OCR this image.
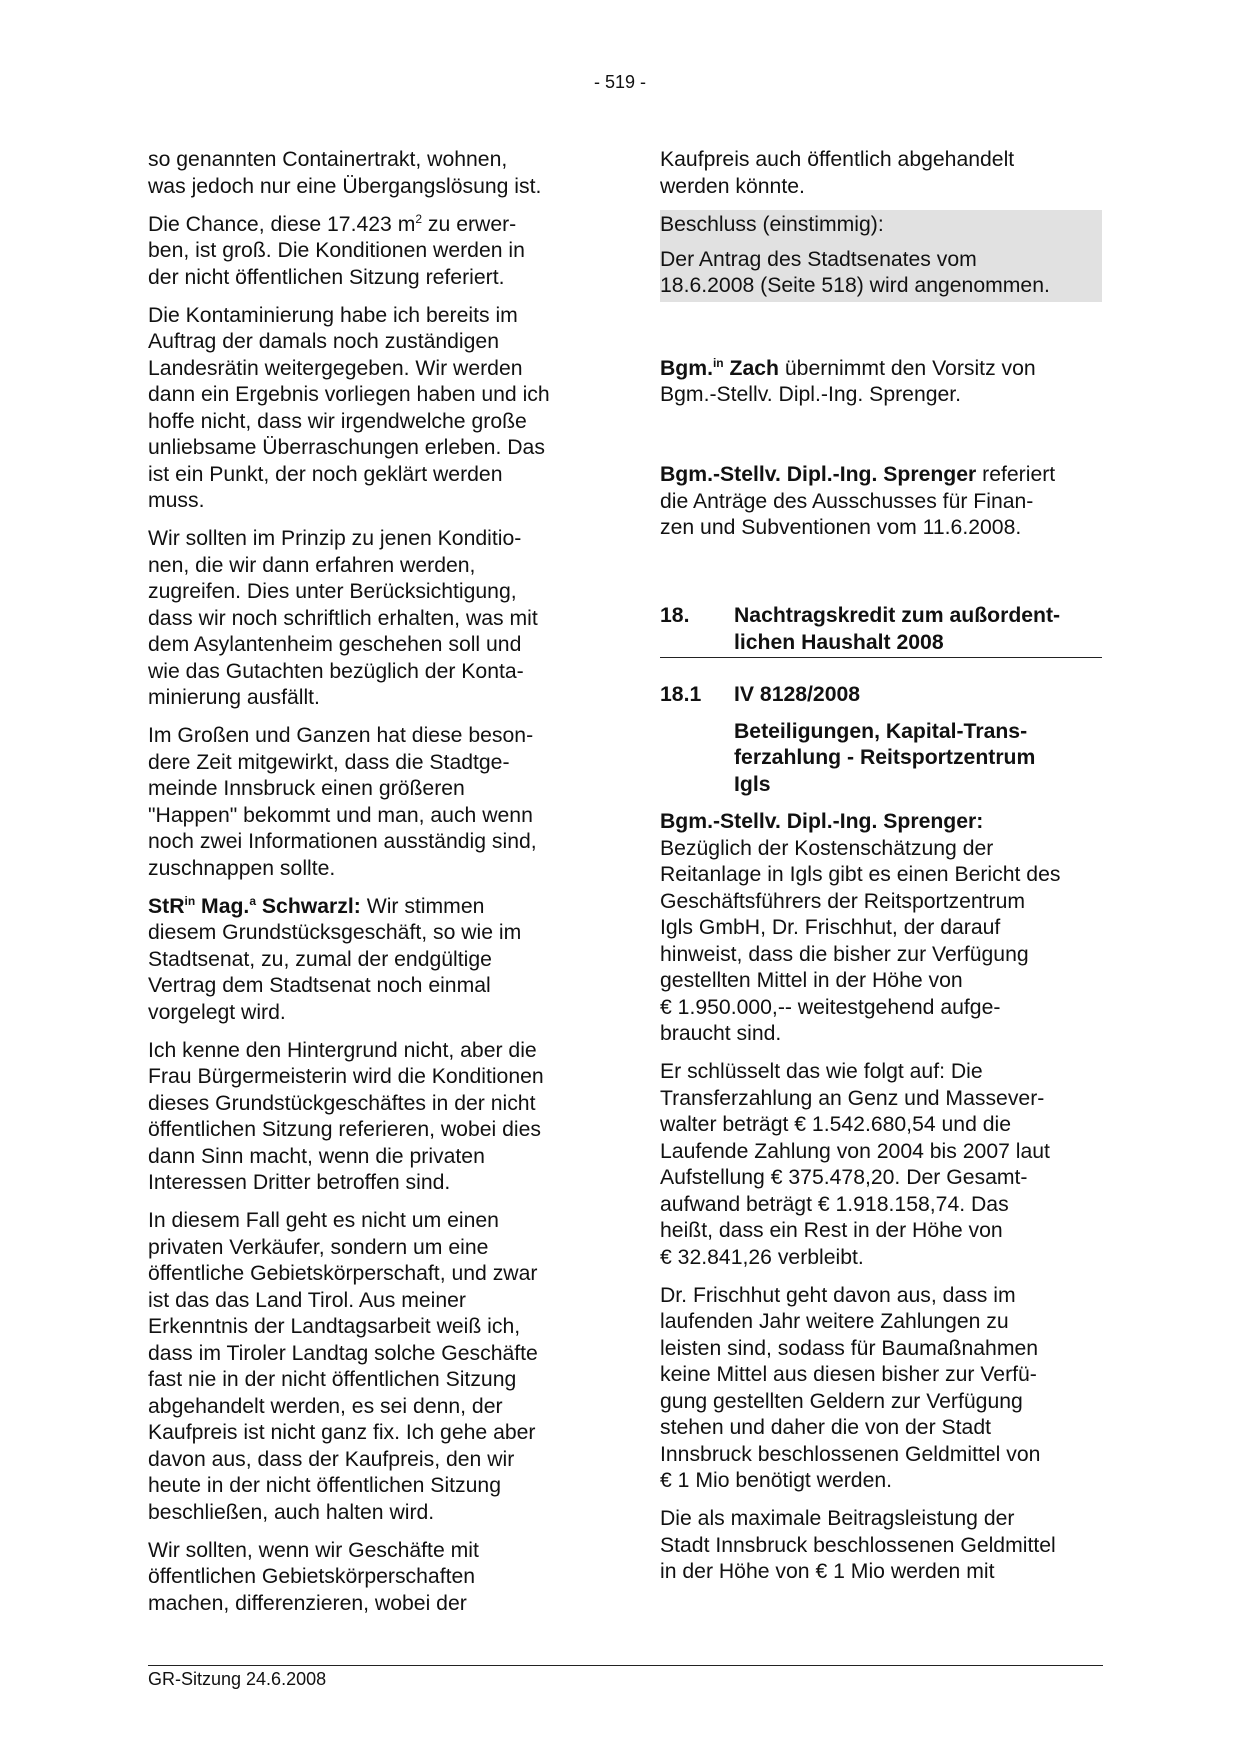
- 519 -

so genannten Containertrakt, wohnen,
was jedoch nur eine Übergangslösung ist.

Die Chance, diese 17.423 $m^2$ zu erwer-
ben, ist groß. Die Konditionen werden in
der nicht öffentlichen Sitzung referiert.

Die Kontaminierung habe ich bereits im
Auftrag der damals noch zuständigen
Landesrätin weitergegeben. Wir werden
dann ein Ergebnis vorliegen haben und ich
hoffe nicht, dass wir irgendwelche große
unliebsame Überraschungen erleben. Das
ist ein Punkt, der noch geklärt werden
muss.

Wir sollten im Prinzip zu jenen Konditio-
nen, die wir dann erfahren werden,
zugreifen. Dies unter Berücksichtigung,
dass wir noch schriftlich erhalten, was mit
dem Asylantenheim geschehen soll und
wie das Gutachten bezüglich der Konta-
minierung ausfällt.

Im Großen und Ganzen hat diese beson-
dere Zeit mitgewirkt, dass die Stadtge-
meinde Innsbruck einen größeren
"Happen" bekommt und man, auch wenn
noch zwei Informationen ausständig sind,
zuschnappen sollte.

StR$^{in}$ Mag.$^a$ Schwarzl: Wir stimmen
diesem Grundstücksgeschäft, so wie im
Stadtsenat, zu, zumal der endgültige
Vertrag dem Stadtsenat noch einmal
vorgelegt wird.

Ich kenne den Hintergrund nicht, aber die
Frau Bürgermeisterin wird die Konditionen
dieses Grundstückgeschäftes in der nicht
öffentlichen Sitzung referieren, wobei dies
dann Sinn macht, wenn die privaten
Interessen Dritter betroffen sind.

In diesem Fall geht es nicht um einen
privaten Verkäufer, sondern um eine
öffentliche Gebietskörperschaft, und zwar
ist das das Land Tirol. Aus meiner
Erkenntnis der Landtagsarbeit weiß ich,
dass im Tiroler Landtag solche Geschäfte
fast nie in der nicht öffentlichen Sitzung
abgehandelt werden, es sei denn, der
Kaufpreis ist nicht ganz fix. Ich gehe aber
davon aus, dass der Kaufpreis, den wir
heute in der nicht öffentlichen Sitzung
beschließen, auch halten wird.

Wir sollten, wenn wir Geschäfte mit
öffentlichen Gebietskörperschaften
machen, differenzieren, wobei der

Kaufpreis auch öffentlich abgehandelt
werden könnte.

Beschluss (einstimmig):

Der Antrag des Stadtsenates vom
18.6.2008 (Seite 518) wird angenommen.

Bgm.$^{in}$ Zach übernimmt den Vorsitz von
Bgm.-Stellv. Dipl.-Ing. Sprenger.

Bgm.-Stellv. Dipl.-Ing. Sprenger referiert
die Anträge des Ausschusses für Finan-
zen und Subventionen vom 11.6.2008.

18.	Nachtragskredit zum außordent-
lichen Haushalt 2008
18.1	IV 8128/2008
Beteiligungen, Kapital-Trans-
ferzahlung - Reitsportzentrum
Igls

Bgm.-Stellv. Dipl.-Ing. Sprenger:
Bezüglich der Kostenschätzung der
Reitanlage in Igls gibt es einen Bericht des
Geschäftsführers der Reitsportzentrum
Igls GmbH, Dr. Frischhut, der darauf
hinweist, dass die bisher zur Verfügung
gestellten Mittel in der Höhe von
€ 1.950.000,-- weitestgehend aufge-
braucht sind.

Er schlüsselt das wie folgt auf: Die
Transferzahlung an Genz und Massever-
walter beträgt € 1.542.680,54 und die
Laufende Zahlung von 2004 bis 2007 laut
Aufstellung € 375.478,20. Der Gesamt-
aufwand beträgt € 1.918.158,74. Das
heißt, dass ein Rest in der Höhe von
€ 32.841,26 verbleibt.

Dr. Frischhut geht davon aus, dass im
laufenden Jahr weitere Zahlungen zu
leisten sind, sodass für Baumaßnahmen
keine Mittel aus diesen bisher zur Verfü-
gung gestellten Geldern zur Verfügung
stehen und daher die von der Stadt
Innsbruck beschlossenen Geldmittel von
€ 1 Mio benötigt werden.

Die als maximale Beitragsleistung der
Stadt Innsbruck beschlossenen Geldmittel
in der Höhe von € 1 Mio werden mit

GR-Sitzung 24.6.2008
